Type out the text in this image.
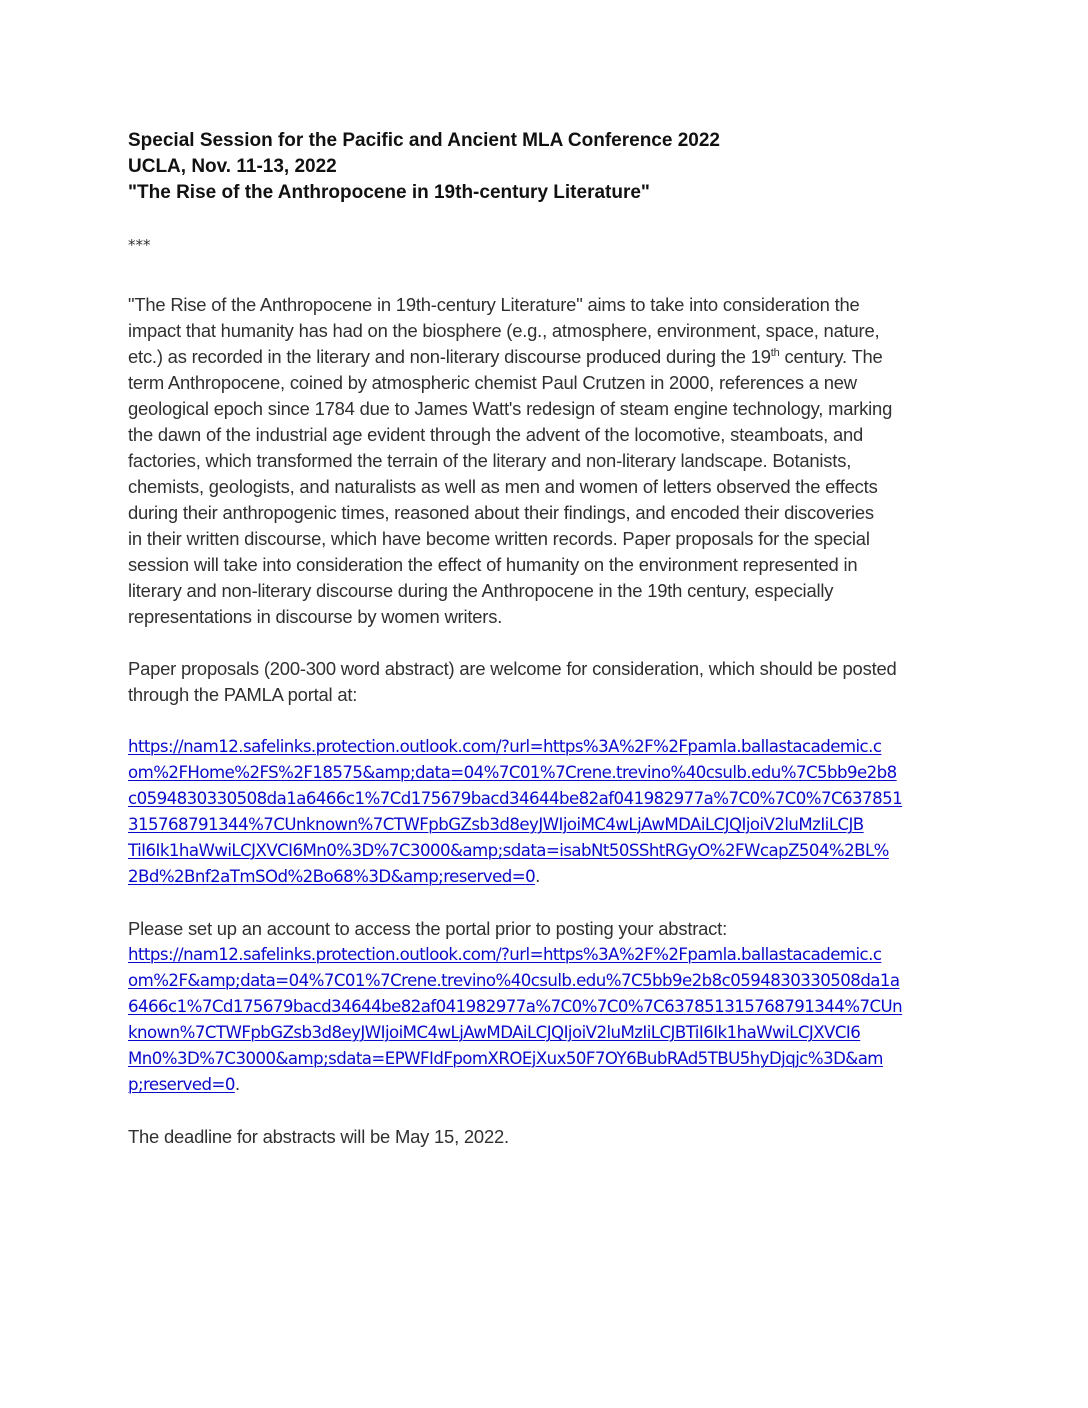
Special Session for the Pacific and Ancient MLA Conference 2022
UCLA, Nov. 11-13, 2022
"The Rise of the Anthropocene in 19th-century Literature"
***
"The Rise of the Anthropocene in 19th-century Literature" aims to take into consideration the
impact that humanity has had on the biosphere (e.g., atmosphere, environment, space, nature,
etc.) as recorded in the literary and non-literary discourse produced during the 19th century. The
term Anthropocene, coined by atmospheric chemist Paul Crutzen in 2000, references a new
geological epoch since 1784 due to James Watt's redesign of steam engine technology, marking
the dawn of the industrial age evident through the advent of the locomotive, steamboats, and
factories, which transformed the terrain of the literary and non-literary landscape. Botanists,
chemists, geologists, and naturalists as well as men and women of letters observed the effects
during their anthropogenic times, reasoned about their findings, and encoded their discoveries
in their written discourse, which have become written records. Paper proposals for the special
session will take into consideration the effect of humanity on the environment represented in
literary and non-literary discourse during the Anthropocene in the 19th century, especially
representations in discourse by women writers.
Paper proposals (200-300 word abstract) are welcome for consideration, which should be posted
through the PAMLA portal at:
https://nam12.safelinks.protection.outlook.com/?url=https%3A%2F%2Fpamla.ballastacademic.c
om%2FHome%2FS%2F18575&amp;data=04%7C01%7Crene.trevino%40csulb.edu%7C5bb9e2b8
c0594830330508da1a6466c1%7Cd175679bacd34644be82af041982977a%7C0%7C0%7C637851
315768791344%7CUnknown%7CTWFpbGZsb3d8eyJWIjoiMC4wLjAwMDAiLCJQIjoiV2luMzIiLCJB
TiI6Ik1haWwiLCJXVCI6Mn0%3D%7C3000&amp;sdata=isabNt50SShtRGyO%2FWcapZ504%2BL%
2Bd%2Bnf2aTmSOd%2Bo68%3D&amp;reserved=0.
Please set up an account to access the portal prior to posting your abstract:
https://nam12.safelinks.protection.outlook.com/?url=https%3A%2F%2Fpamla.ballastacademic.c
om%2F&amp;data=04%7C01%7Crene.trevino%40csulb.edu%7C5bb9e2b8c0594830330508da1a
6466c1%7Cd175679bacd34644be82af041982977a%7C0%7C0%7C637851315768791344%7CUn
known%7CTWFpbGZsb3d8eyJWIjoiMC4wLjAwMDAiLCJQIjoiV2luMzIiLCJBTiI6Ik1haWwiLCJXVCI6
Mn0%3D%7C3000&amp;sdata=EPWFIdFpomXROEjXux50F7OY6BubRAd5TBU5hyDjqjc%3D&am
p;reserved=0.
The deadline for abstracts will be May 15, 2022.
